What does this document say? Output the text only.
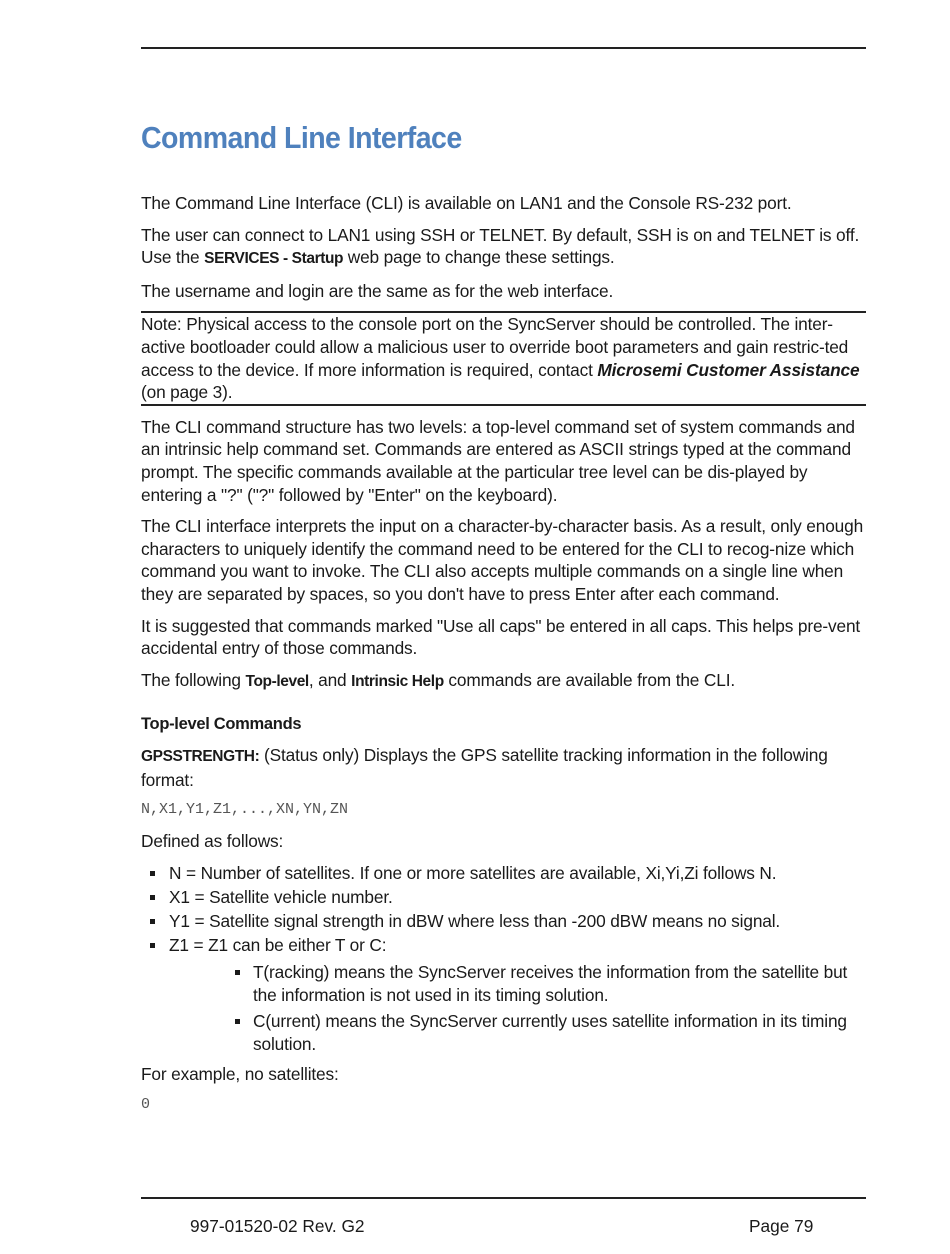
Command Line Interface

The Command Line Interface (CLI) is available on LAN1 and the Console RS-232 port.

The user can connect to LAN1 using SSH or TELNET. By default, SSH is on and TELNET is off. Use the SERVICES - Startup web page to change these settings.

The username and login are the same as for the web interface.

Note: Physical access to the console port on the SyncServer should be controlled. The inter-active bootloader could allow a malicious user to override boot parameters and gain restric-ted access to the device. If more information is required, contact Microsemi Customer Assistance (on page 3).

The CLI command structure has two levels: a top-level command set of system commands and an intrinsic help command set. Commands are entered as ASCII strings typed at the command prompt. The specific commands available at the particular tree level can be dis-played by entering a "?" ("?" followed by "Enter" on the keyboard).

The CLI interface interprets the input on a character-by-character basis. As a result, only enough characters to uniquely identify the command need to be entered for the CLI to recog-nize which command you want to invoke. The CLI also accepts multiple commands on a single line when they are separated by spaces, so you don't have to press Enter after each command.

It is suggested that commands marked "Use all caps" be entered in all caps. This helps pre-vent accidental entry of those commands.

The following Top-level, and Intrinsic Help commands are available from the CLI.

Top-level Commands

GPSSTRENGTH: (Status only) Displays the GPS satellite tracking information in the following format:

N,X1,Y1,Z1,...,XN,YN,ZN

Defined as follows:

N = Number of satellites. If one or more satellites are available, Xi,Yi,Zi follows N.
X1 = Satellite vehicle number.
Y1 = Satellite signal strength in dBW where less than -200 dBW means no signal.
Z1 = Z1 can be either T or C:
T(racking) means the SyncServer receives the information from the satellite but the information is not used in its timing solution.
C(urrent) means the SyncServer currently uses satellite information in its timing solution.

For example, no satellites:

0
997-01520-02 Rev. G2	Page 79
